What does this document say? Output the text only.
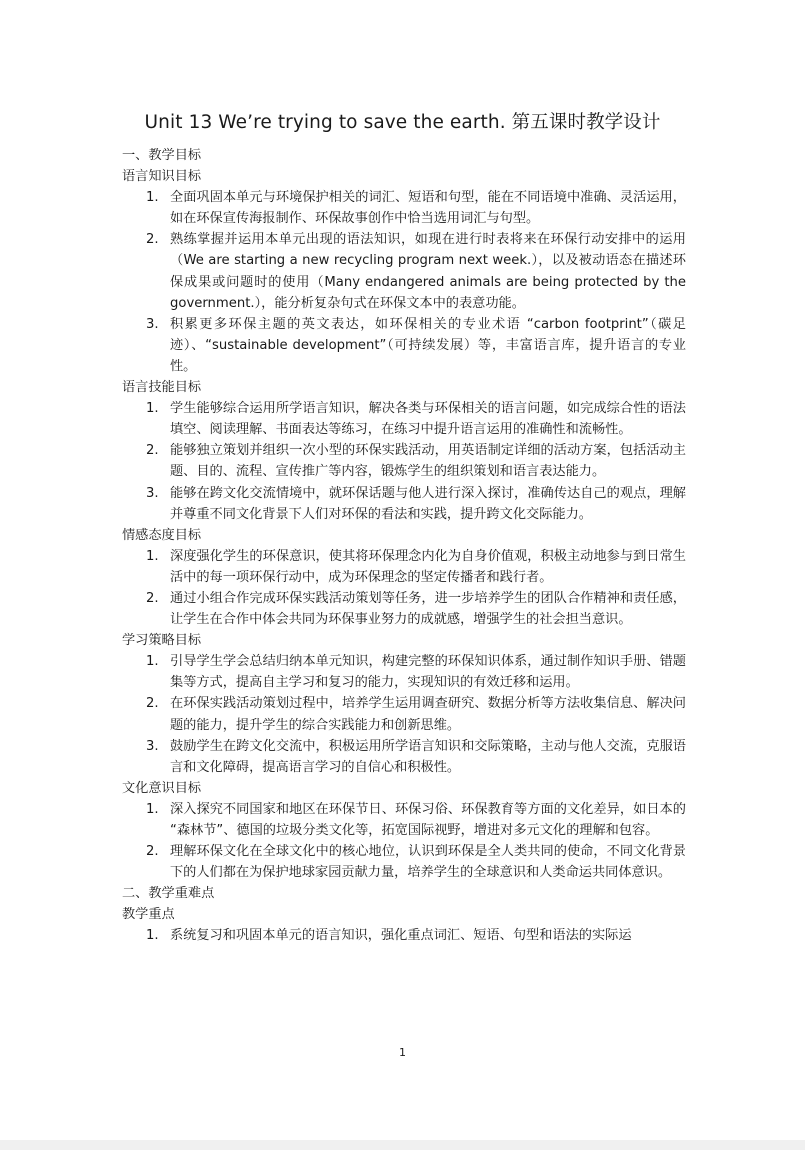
Unit 13 We’re trying to save the earth. 第五课时教学设计

一、教学目标

语言知识目标

1. 全面巩固本单元与环境保护相关的词汇、短语和句型，能在不同语境中准确、灵活运用，如在环保宣传海报制作、环保故事创作中恰当选用词汇与句型。
2. 熟练掌握并运用本单元出现的语法知识，如现在进行时表将来在环保行动安排中的运用（We are starting a new recycling program next week.），以及被动语态在描述环保成果或问题时的使用（Many endangered animals are being protected by the government.），能分析复杂句式在环保文本中的表意功能。
3. 积累更多环保主题的英文表达，如环保相关的专业术语 “carbon footprint”（碳足迹）、“sustainable development”（可持续发展）等，丰富语言库，提升语言的专业性。

语言技能目标

1. 学生能够综合运用所学语言知识，解决各类与环保相关的语言问题，如完成综合性的语法填空、阅读理解、书面表达等练习，在练习中提升语言运用的准确性和流畅性。
2. 能够独立策划并组织一次小型的环保实践活动，用英语制定详细的活动方案，包括活动主题、目的、流程、宣传推广等内容，锻炼学生的组织策划和语言表达能力。
3. 能够在跨文化交流情境中，就环保话题与他人进行深入探讨，准确传达自己的观点，理解并尊重不同文化背景下人们对环保的看法和实践，提升跨文化交际能力。

情感态度目标

1. 深度强化学生的环保意识，使其将环保理念内化为自身价值观，积极主动地参与到日常生活中的每一项环保行动中，成为环保理念的坚定传播者和践行者。
2. 通过小组合作完成环保实践活动策划等任务，进一步培养学生的团队合作精神和责任感，让学生在合作中体会共同为环保事业努力的成就感，增强学生的社会担当意识。

学习策略目标

1. 引导学生学会总结归纳本单元知识，构建完整的环保知识体系，通过制作知识手册、错题集等方式，提高自主学习和复习的能力，实现知识的有效迁移和运用。
2. 在环保实践活动策划过程中，培养学生运用调查研究、数据分析等方法收集信息、解决问题的能力，提升学生的综合实践能力和创新思维。
3. 鼓励学生在跨文化交流中，积极运用所学语言知识和交际策略，主动与他人交流，克服语言和文化障碍，提高语言学习的自信心和积极性。

文化意识目标

1. 深入探究不同国家和地区在环保节日、环保习俗、环保教育等方面的文化差异，如日本的 “森林节”、德国的垃圾分类文化等，拓宽国际视野，增进对多元文化的理解和包容。
2. 理解环保文化在全球文化中的核心地位，认识到环保是全人类共同的使命，不同文化背景下的人们都在为保护地球家园贡献力量，培养学生的全球意识和人类命运共同体意识。

二、教学重难点

教学重点

1. 系统复习和巩固本单元的语言知识，强化重点词汇、短语、句型和语法的实际运
1
